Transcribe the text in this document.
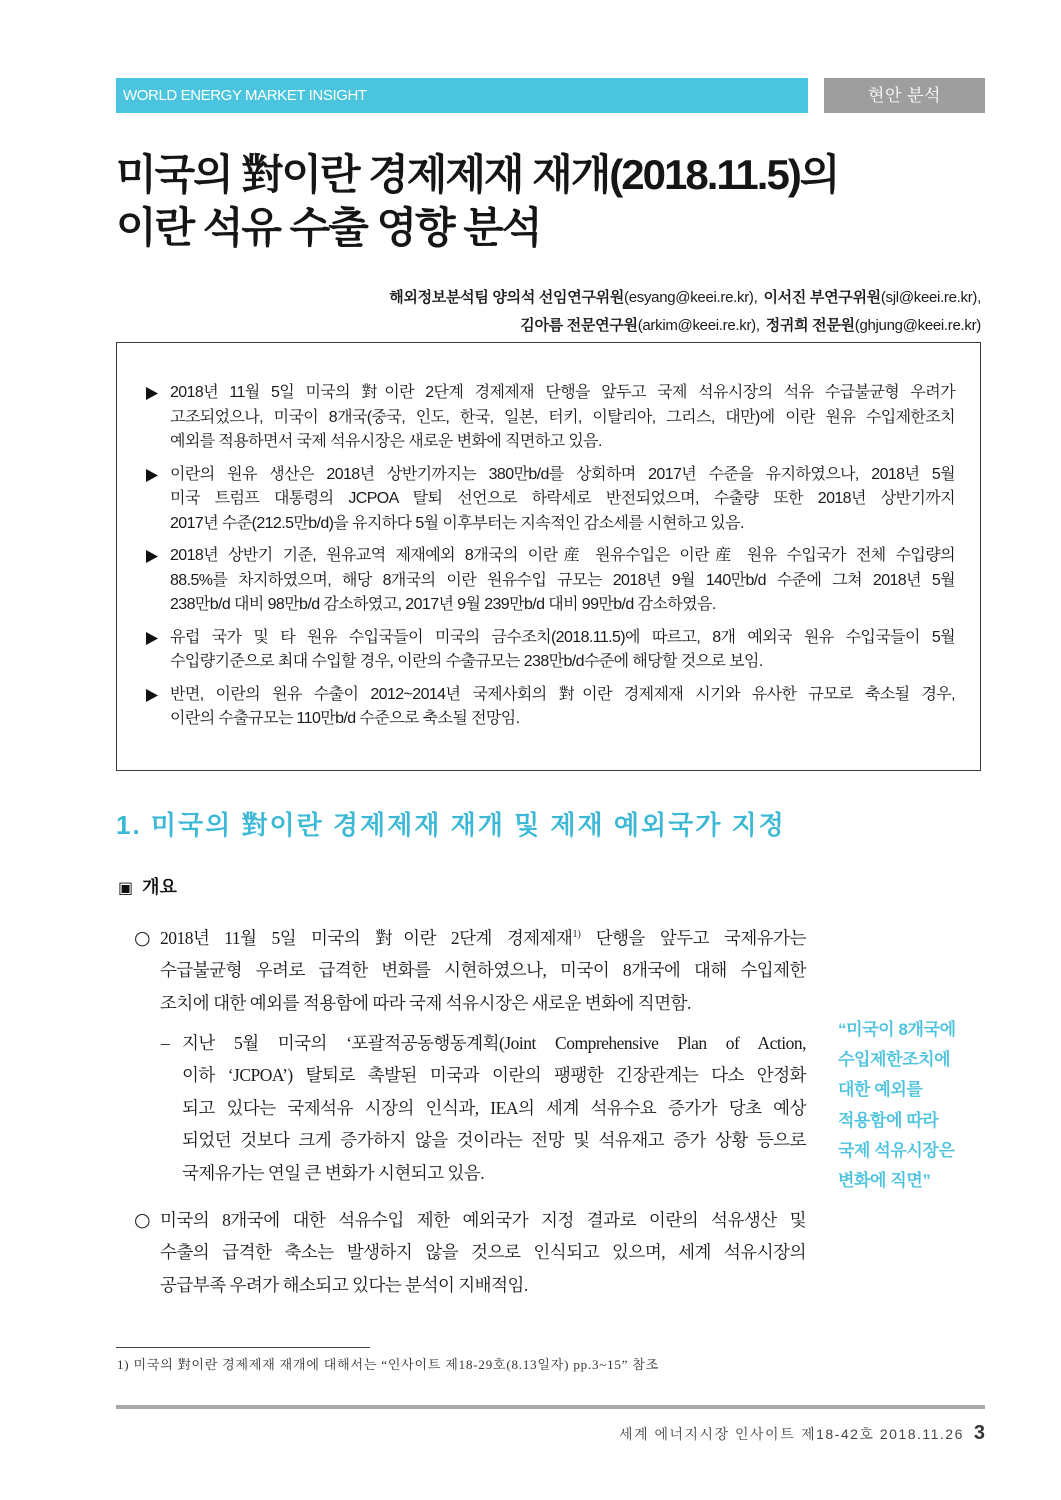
WORLD ENERGY MARKET INSIGHT	현안 분석
미국의 對이란 경제제재 재개(2018.11.5)의
이란 석유 수출 영향 분석
해외정보분석팀 양의석 선임연구위원(esyang@keei.re.kr), 이서진 부연구위원(sjl@keei.re.kr),
김아름 전문연구원(arkim@keei.re.kr), 정귀희 전문원(ghjung@keei.re.kr)
2018년 11월 5일 미국의 對이란 2단계 경제제재 단행을 앞두고 국제 석유시장의 석유 수급불균형 우려가
고조되었으나, 미국이 8개국(중국, 인도, 한국, 일본, 터키, 이탈리아, 그리스, 대만)에 이란 원유 수입제한조치
예외를 적용하면서 국제 석유시장은 새로운 변화에 직면하고 있음.
이란의 원유 생산은 2018년 상반기까지는 380만b/d를 상회하며 2017년 수준을 유지하였으나, 2018년 5월
미국 트럼프 대통령의 JCPOA 탈퇴 선언으로 하락세로 반전되었으며, 수출량 또한 2018년 상반기까지
2017년 수준(212.5만b/d)을 유지하다 5월 이후부터는 지속적인 감소세를 시현하고 있음.
2018년 상반기 기준, 원유교역 제재예외 8개국의 이란産 원유수입은 이란産 원유 수입국가 전체 수입량의
88.5%를 차지하였으며, 해당 8개국의 이란 원유수입 규모는 2018년 9월 140만b/d 수준에 그쳐 2018년 5월
238만b/d 대비 98만b/d 감소하였고, 2017년 9월 239만b/d 대비 99만b/d 감소하였음.
유럽 국가 및 타 원유 수입국들이 미국의 금수조치(2018.11.5)에 따르고, 8개 예외국 원유 수입국들이 5월
수입량기준으로 최대 수입할 경우, 이란의 수출규모는 238만b/d수준에 해당할 것으로 보임.
반면, 이란의 원유 수출이 2012~2014년 국제사회의 對이란 경제제재 시기와 유사한 규모로 축소될 경우,
이란의 수출규모는 110만b/d 수준으로 축소될 전망임.
1. 미국의 對이란 경제제재 재개 및 제재 예외국가 지정
▣ 개요
○ 2018년 11월 5일 미국의 對이란 2단계 경제제재$^{1)}$ 단행을 앞두고 국제유가는
수급불균형 우려로 급격한 변화를 시현하였으나, 미국이 8개국에 대해 수입제한
조치에 대한 예외를 적용함에 따라 국제 석유시장은 새로운 변화에 직면함.
– 지난 5월 미국의 ‘포괄적공동행동계획(Joint Comprehensive Plan of Action,
이하 ‘JCPOA’) 탈퇴로 촉발된 미국과 이란의 팽팽한 긴장관계는 다소 안정화
되고 있다는 국제석유 시장의 인식과, IEA의 세계 석유수요 증가가 당초 예상
되었던 것보다 크게 증가하지 않을 것이라는 전망 및 석유재고 증가 상황 등으로
국제유가는 연일 큰 변화가 시현되고 있음.
○ 미국의 8개국에 대한 석유수입 제한 예외국가 지정 결과로 이란의 석유생산 및
수출의 급격한 축소는 발생하지 않을 것으로 인식되고 있으며, 세계 석유시장의
공급부족 우려가 해소되고 있다는 분석이 지배적임.
“미국이 8개국에
수입제한조치에
대한 예외를
적용함에 따라
국제 석유시장은
변화에 직면”
1) 미국의 對이란 경제제재 재개에 대해서는 “인사이트 제18-29호(8.13일자) pp.3~15” 참조
세계 에너지시장 인사이트 제18-42호 2018.11.26 3
